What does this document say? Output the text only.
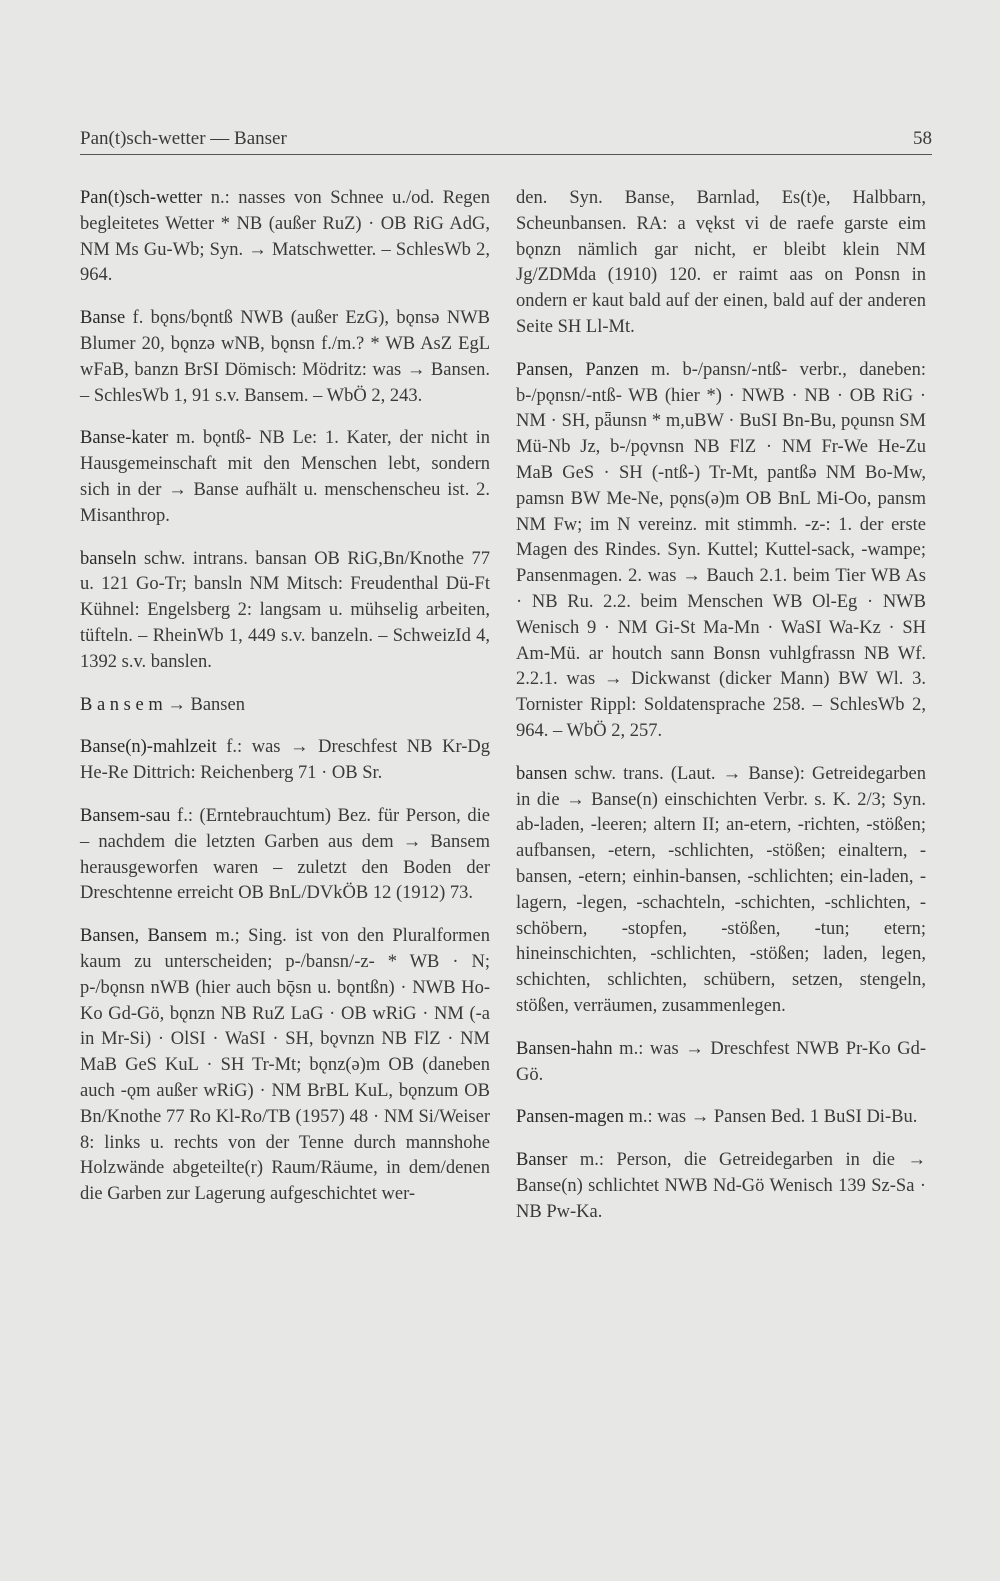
Pan(t)sch-wetter — Banser	58

Pan(t)sch-wetter n.: nasses von Schnee u./od. Regen begleitetes Wetter * NB (außer RuZ) · OB RiG AdG, NM Ms Gu-Wb; Syn. → Matschwetter. – SchlesWb 2, 964.

Banse f. bǫns/bǫntß NWB (außer EzG), bǫnsə NWB Blumer 20, bǫnzə wNB, bǫnsn f./m.? * WB AsZ EgL wFaB, banzn BrSI Dömisch: Mödritz: was → Bansen. – SchlesWb 1, 91 s.v. Bansem. – WbÖ 2, 243.

Banse-kater m. bǫntß- NB Le: 1. Kater, der nicht in Hausgemeinschaft mit den Menschen lebt, sondern sich in der → Banse aufhält u. menschenscheu ist. 2. Misanthrop.

banseln schw. intrans. bansan OB RiG,Bn/Knothe 77 u. 121 Go-Tr; bansln NM Mitsch: Freudenthal Dü-Ft Kühnel: Engelsberg 2: langsam u. mühselig arbeiten, tüfteln. – RheinWb 1, 449 s.v. banzeln. – SchweizId 4, 1392 s.v. banslen.

B a n s e m → Bansen

Banse(n)-mahlzeit f.: was → Dreschfest NB Kr-Dg He-Re Dittrich: Reichenberg 71 · OB Sr.

Bansem-sau f.: (Erntebrauchtum) Bez. für Person, die – nachdem die letzten Garben aus dem → Bansem herausgeworfen waren – zuletzt den Boden der Dreschtenne erreicht OB BnL/DVkÖB 12 (1912) 73.

Bansen, Bansem m.; Sing. ist von den Pluralformen kaum zu unterscheiden; p-/bansn/-z- * WB · N; p-/bǫnsn nWB (hier auch bǭsn u. bǫntßn) · NWB Ho-Ko Gd-Gö, bǫnzn NB RuZ LaG · OB wRiG · NM (-a in Mr-Si) · OlSI · WaSI · SH, bǫvnzn NB FlZ · NM MaB GeS KuL · SH Tr-Mt; bǫnz(ə)m OB (daneben auch -ǫm außer wRiG) · NM BrBL KuL, bǫnzum OB Bn/Knothe 77 Ro Kl-Ro/TB (1957) 48 · NM Si/Weiser 8: links u. rechts von der Tenne durch mannshohe Holzwände abgeteilte(r) Raum/Räume, in dem/denen die Garben zur Lagerung aufgeschichtet wer-

den. Syn. Banse, Barnlad, Es(t)e, Halbbarn, Scheunbansen. RA: a vękst vi de raefe garste eim bǫnzn nämlich gar nicht, er bleibt klein NM Jg/ZDMda (1910) 120. er raimt aas on Ponsn in ondern er kaut bald auf der einen, bald auf der anderen Seite SH Ll-Mt.

Pansen, Panzen m. b-/pansn/-ntß- verbr., daneben: b-/pǫnsn/-ntß- WB (hier *) · NWB · NB · OB RiG · NM · SH, pǟunsn * m,uBW · BuSI Bn-Bu, pǫunsn SM Mü-Nb Jz, b-/pǫvnsn NB FlZ · NM Fr-We He-Zu MaB GeS · SH (-ntß-) Tr-Mt, pantßə NM Bo-Mw, pamsn BW Me-Ne, pǫns(ə)m OB BnL Mi-Oo, pansm NM Fw; im N vereinz. mit stimmh. -z-: 1. der erste Magen des Rindes. Syn. Kuttel; Kuttel-sack, -wampe; Pansenmagen. 2. was → Bauch 2.1. beim Tier WB As · NB Ru. 2.2. beim Menschen WB Ol-Eg · NWB Wenisch 9 · NM Gi-St Ma-Mn · WaSI Wa-Kz · SH Am-Mü. ar houtch sann Bonsn vuhlgfrassn NB Wf. 2.2.1. was → Dickwanst (dicker Mann) BW Wl. 3. Tornister Rippl: Soldatensprache 258. – SchlesWb 2, 964. – WbÖ 2, 257.

bansen schw. trans. (Laut. → Banse): Getreidegarben in die → Banse(n) einschichten Verbr. s. K. 2/3; Syn. ab-laden, -leeren; altern II; an-etern, -richten, -stößen; aufbansen, -etern, -schlichten, -stößen; einaltern, -bansen, -etern; einhin-bansen, -schlichten; ein-laden, -lagern, -legen, -schachteln, -schichten, -schlichten, -schöbern, -stopfen, -stößen, -tun; etern; hineinschichten, -schlichten, -stößen; laden, legen, schichten, schlichten, schübern, setzen, stengeln, stößen, verräumen, zusammenlegen.

Bansen-hahn m.: was → Dreschfest NWB Pr-Ko Gd-Gö.

Pansen-magen m.: was → Pansen Bed. 1 BuSI Di-Bu.

Banser m.: Person, die Getreidegarben in die → Banse(n) schlichtet NWB Nd-Gö Wenisch 139 Sz-Sa · NB Pw-Ka.
